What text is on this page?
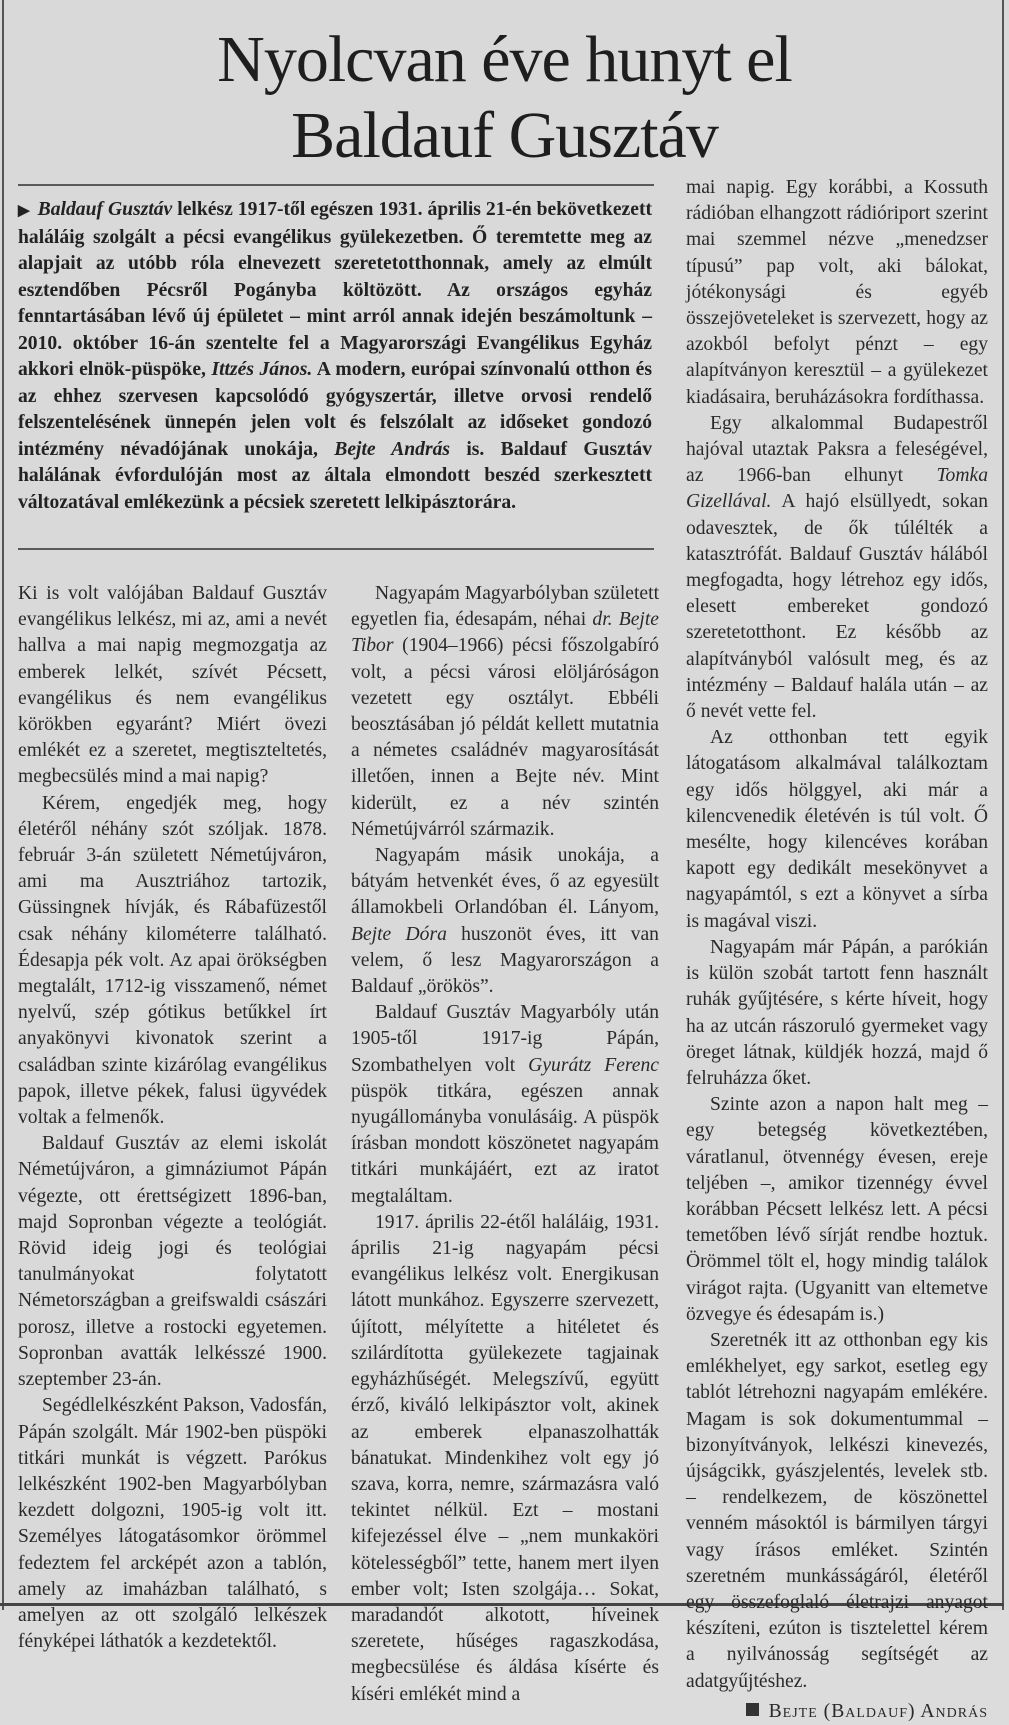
Nyolcvan éve hunyt el
Baldauf Gusztáv
▶ Baldauf Gusztáv lelkész 1917-től egészen 1931. április 21-én bekövetkezett haláláig szolgált a pécsi evangélikus gyülekezetben. Ő teremtette meg az alapjait az utóbb róla elnevezett szeretetotthonnak, amely az elmúlt esztendőben Pécsről Pogányba költözött. Az országos egyház fenntartásában lévő új épületet – mint arról annak idején beszámoltunk – 2010. október 16-án szentelte fel a Magyarországi Evangélikus Egyház akkori elnök-püspöke, Ittzés János. A modern, európai színvonalú otthon és az ehhez szervesen kapcsolódó gyógyszertár, illetve orvosi rendelő felszentelésének ünnepén jelen volt és felszólalt az időseket gondozó intézmény névadójának unokája, Bejte András is. Baldauf Gusztáv halálának évfordulóján most az általa elmondott beszéd szerkesztett változatával emlékezünk a pécsiek szeretett lelkipásztorára.

Ki is volt valójában Baldauf Gusztáv evangélikus lelkész, mi az, ami a nevét hallva a mai napig megmozgatja az emberek lelkét, szívét Pécsett, evangélikus és nem evangélikus körökben egyaránt? Miért övezi emlékét ez a szeretet, megtiszteltetés, megbecsülés mind a mai napig?

Kérem, engedjék meg, hogy életéről néhány szót szóljak. 1878. február 3-án született Németújváron, ami ma Ausztriához tartozik, Güssingnek hívják, és Rábafüzestől csak néhány kilométerre található. Édesapja pék volt. Az apai örökségben megtalált, 1712-ig visszamenő, német nyelvű, szép gótikus betűkkel írt anyakönyvi kivonatok szerint a családban szinte kizárólag evangélikus papok, illetve pékek, falusi ügyvédek voltak a felmenők.

Baldauf Gusztáv az elemi iskolát Németújváron, a gimnáziumot Pápán végezte, ott érettségizett 1896-ban, majd Sopronban végezte a teológiát. Rövid ideig jogi és teológiai tanulmányokat folytatott Németországban a greifswaldi császári porosz, illetve a rostocki egyetemen. Sopronban avatták lelkésszé 1900. szeptember 23-án.

Segédlelkészként Pakson, Vadosfán, Pápán szolgált. Már 1902-ben püspöki titkári munkát is végzett. Parókus lelkészként 1902-ben Magyarbólyban kezdett dolgozni, 1905-ig volt itt. Személyes látogatásomkor örömmel fedeztem fel arcképét azon a tablón, amely az imaházban található, s amelyen az ott szolgáló lelkészek fényképei láthatók a kezdetektől.

Nagyapám Magyarbólyban született egyetlen fia, édesapám, néhai dr. Bejte Tibor (1904–1966) pécsi főszolgabíró volt, a pécsi városi elöljáróságon vezetett egy osztályt. Ebbéli beosztásában jó példát kellett mutatnia a németes családnév magyarosítását illetően, innen a Bejte név. Mint kiderült, ez a név szintén Németújvárról származik.

Nagyapám másik unokája, a bátyám hetvenkét éves, ő az egyesült államokbeli Orlandóban él. Lányom, Bejte Dóra huszonöt éves, itt van velem, ő lesz Magyarországon a Baldauf „örökös”.

Baldauf Gusztáv Magyarbóly után 1905-től 1917-ig Pápán, Szombathelyen volt Gyurátz Ferenc püspök titkára, egészen annak nyugállományba vonulásáig. A püspök írásban mondott köszönetet nagyapám titkári munkájáért, ezt az iratot megtaláltam.

1917. április 22-étől haláláig, 1931. április 21-ig nagyapám pécsi evangélikus lelkész volt. Energikusan látott munkához. Egyszerre szervezett, újított, mélyítette a hitéletet és szilárdította gyülekezete tagjainak egyházhűségét. Melegszívű, együtt érző, kiváló lelkipásztor volt, akinek az emberek elpanaszolhatták bánatukat. Mindenkihez volt egy jó szava, korra, nemre, származásra való tekintet nélkül. Ezt – mostani kifejezéssel élve – „nem munkaköri kötelességből” tette, hanem mert ilyen ember volt; Isten szolgája… Sokat, maradandót alkotott, híveinek szeretete, hűséges ragaszkodása, megbecsülése és áldása kísérte és kíséri emlékét mind a

mai napig. Egy korábbi, a Kossuth rádióban elhangzott rádióriport szerint mai szemmel nézve „menedzser típusú” pap volt, aki bálokat, jótékonysági és egyéb összejöveteleket is szervezett, hogy az azokból befolyt pénzt – egy alapítványon keresztül – a gyülekezet kiadásaira, beruházásokra fordíthassa.

Egy alkalommal Budapestről hajóval utaztak Paksra a feleségével, az 1966-ban elhunyt Tomka Gizellával. A hajó elsüllyedt, sokan odavesztek, de ők túlélték a katasztrófát. Baldauf Gusztáv hálából megfogadta, hogy létrehoz egy idős, elesett embereket gondozó szeretetotthont. Ez később az alapítványból valósult meg, és az intézmény – Baldauf halála után – az ő nevét vette fel.

Az otthonban tett egyik látogatásom alkalmával találkoztam egy idős hölggyel, aki már a kilencvenedik életévén is túl volt. Ő mesélte, hogy kilencéves korában kapott egy dedikált mesekönyvet a nagyapámtól, s ezt a könyvet a sírba is magával viszi.

Nagyapám már Pápán, a parókián is külön szobát tartott fenn használt ruhák gyűjtésére, s kérte híveit, hogy ha az utcán rászoruló gyermeket vagy öreget látnak, küldjék hozzá, majd ő felruházza őket.

Szinte azon a napon halt meg – egy betegség következtében, váratlanul, ötvennégy évesen, ereje teljében –, amikor tizennégy évvel korábban Pécsett lelkész lett. A pécsi temetőben lévő sírját rendbe hoztuk. Örömmel tölt el, hogy mindig találok virágot rajta. (Ugyanitt van eltemetve özvegye és édesapám is.)

Szeretnék itt az otthonban egy kis emlékhelyet, egy sarkot, esetleg egy tablót létrehozni nagyapám emlékére. Magam is sok dokumentummal – bizonyítványok, lelkészi kinevezés, újságcikk, gyászjelentés, levelek stb. – rendelkezem, de köszönettel venném másoktól is bármilyen tárgyi vagy írásos emléket. Szintén szeretném munkásságáról, életéről egy összefoglaló életrajzi anyagot készíteni, ezúton is tisztelettel kérem a nyilvánosság segítségét az adatgyűjtéshez.

Bejte (Baldauf) András
